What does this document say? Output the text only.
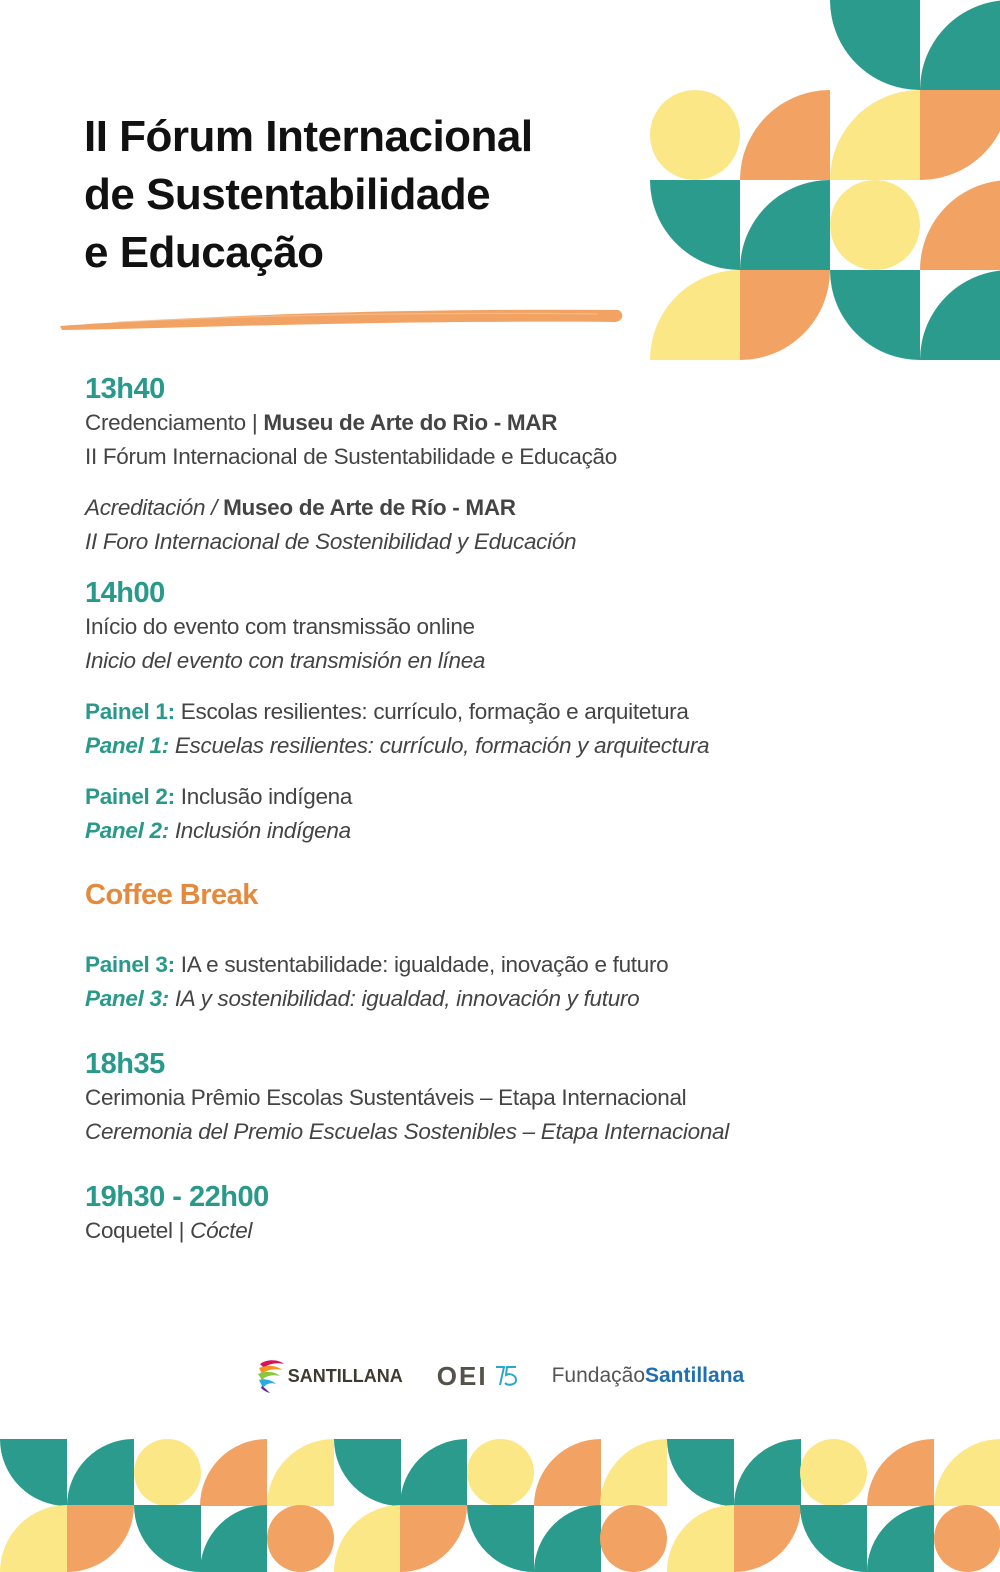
II Fórum Internacional
de Sustentabilidade
e Educação
13h40
Credenciamento | Museu de Arte do Rio - MAR
II Fórum Internacional de Sustentabilidade e Educação
Acreditación / Museo de Arte de Río - MAR
II Foro Internacional de Sostenibilidad y Educación
14h00
Início do evento com transmissão online
Inicio del evento con transmisión en línea
Painel 1: Escolas resilientes: currículo, formação e arquitetura
Panel 1: Escuelas resilientes: currículo, formación y arquitectura
Painel 2: Inclusão indígena
Panel 2: Inclusión indígena
Coffee Break
Painel 3: IA e sustentabilidade: igualdade, inovação e futuro
Panel 3: IA y sostenibilidad: igualdad, innovación y futuro
18h35
Cerimonia Prêmio Escolas Sustentáveis – Etapa Internacional
Ceremonia del Premio Escuelas Sostenibles – Etapa Internacional
19h30 - 22h00
Coquetel | Cóctel
SANTILLANA OEI	FundaçãoSantillana
